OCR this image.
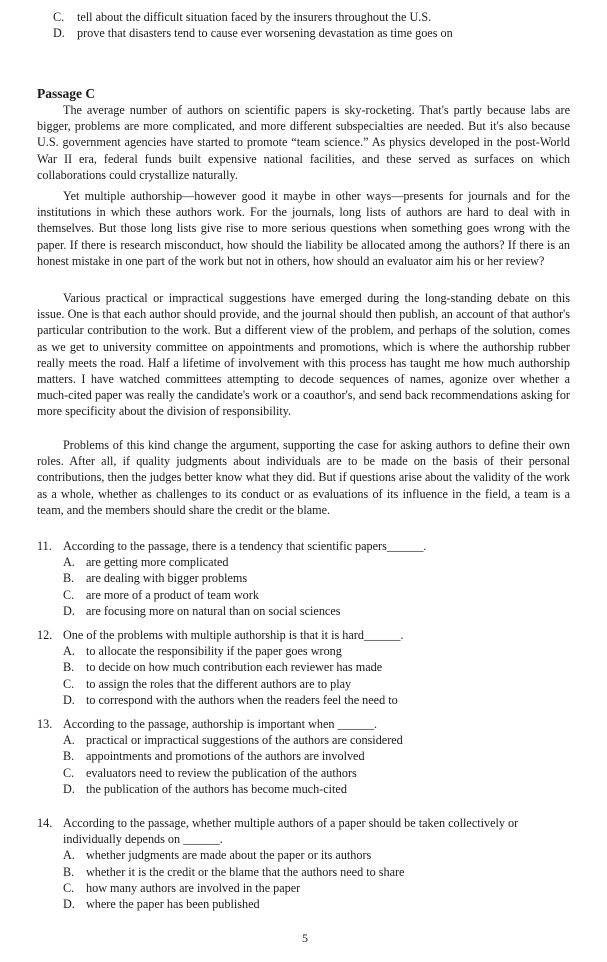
C. tell about the difficult situation faced by the insurers throughout the U.S.
D. prove that disasters tend to cause ever worsening devastation as time goes on
Passage C

The average number of authors on scientific papers is sky-rocketing. That's partly because labs are bigger, problems are more complicated, and more different subspecialties are needed. But it's also because U.S. government agencies have started to promote “team science.” As physics developed in the post-World War II era, federal funds built expensive national facilities, and these served as surfaces on which collaborations could crystallize naturally.

Yet multiple authorship—however good it maybe in other ways—presents for journals and for the institutions in which these authors work. For the journals, long lists of authors are hard to deal with in themselves. But those long lists give rise to more serious questions when something goes wrong with the paper. If there is research misconduct, how should the liability be allocated among the authors? If there is an honest mistake in one part of the work but not in others, how should an evaluator aim his or her review?

Various practical or impractical suggestions have emerged during the long-standing debate on this issue. One is that each author should provide, and the journal should then publish, an account of that author's particular contribution to the work. But a different view of the problem, and perhaps of the solution, comes as we get to university committee on appointments and promotions, which is where the authorship rubber really meets the road. Half a lifetime of involvement with this process has taught me how much authorship matters. I have watched committees attempting to decode sequences of names, agonize over whether a much-cited paper was really the candidate's work or a coauthor's, and send back recommendations asking for more specificity about the division of responsibility.

Problems of this kind change the argument, supporting the case for asking authors to define their own roles. After all, if quality judgments about individuals are to be made on the basis of their personal contributions, then the judges better know what they did. But if questions arise about the validity of the work as a whole, whether as challenges to its conduct or as evaluations of its influence in the field, a team is a team, and the members should share the credit or the blame.

11. According to the passage, there is a tendency that scientific papers______.
A. are getting more complicated
B. are dealing with bigger problems
C. are more of a product of team work
D. are focusing more on natural than on social sciences
12. One of the problems with multiple authorship is that it is hard______.
A. to allocate the responsibility if the paper goes wrong
B. to decide on how much contribution each reviewer has made
C. to assign the roles that the different authors are to play
D. to correspond with the authors when the readers feel the need to
13. According to the passage, authorship is important when ______.
A. practical or impractical suggestions of the authors are considered
B. appointments and promotions of the authors are involved
C. evaluators need to review the publication of the authors
D. the publication of the authors has become much-cited
14. According to the passage, whether multiple authors of a paper should be taken collectively or individually depends on ______.
A. whether judgments are made about the paper or its authors
B. whether it is the credit or the blame that the authors need to share
C. how many authors are involved in the paper
D. where the paper has been published
5
